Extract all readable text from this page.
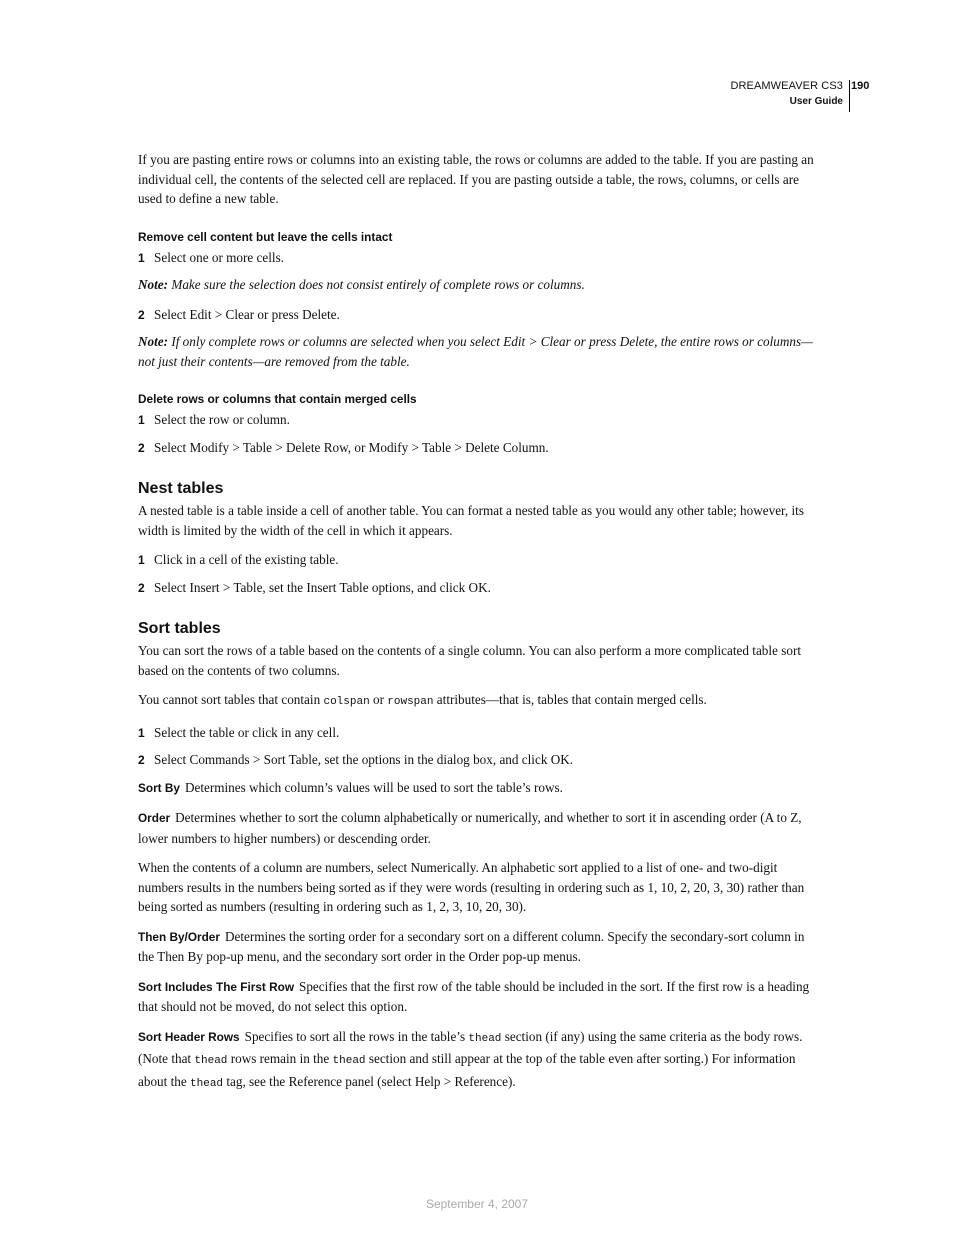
DREAMWEAVER CS3
User Guide
190

If you are pasting entire rows or columns into an existing table, the rows or columns are added to the table. If you are pasting an individual cell, the contents of the selected cell are replaced. If you are pasting outside a table, the rows, columns, or cells are used to define a new table.

Remove cell content but leave the cells intact

1 Select one or more cells.

Note: Make sure the selection does not consist entirely of complete rows or columns.

2 Select Edit > Clear or press Delete.

Note: If only complete rows or columns are selected when you select Edit > Clear or press Delete, the entire rows or columns—not just their contents—are removed from the table.

Delete rows or columns that contain merged cells

1 Select the row or column.

2 Select Modify > Table > Delete Row, or Modify > Table > Delete Column.

Nest tables

A nested table is a table inside a cell of another table. You can format a nested table as you would any other table; however, its width is limited by the width of the cell in which it appears.

1 Click in a cell of the existing table.

2 Select Insert > Table, set the Insert Table options, and click OK.

Sort tables

You can sort the rows of a table based on the contents of a single column. You can also perform a more complicated table sort based on the contents of two columns.

You cannot sort tables that contain colspan or rowspan attributes—that is, tables that contain merged cells.

1 Select the table or click in any cell.

2 Select Commands > Sort Table, set the options in the dialog box, and click OK.

Sort By Determines which column’s values will be used to sort the table’s rows.

Order Determines whether to sort the column alphabetically or numerically, and whether to sort it in ascending order (A to Z, lower numbers to higher numbers) or descending order.

When the contents of a column are numbers, select Numerically. An alphabetic sort applied to a list of one- and two-digit numbers results in the numbers being sorted as if they were words (resulting in ordering such as 1, 10, 2, 20, 3, 30) rather than being sorted as numbers (resulting in ordering such as 1, 2, 3, 10, 20, 30).

Then By/Order Determines the sorting order for a secondary sort on a different column. Specify the secondary-sort column in the Then By pop-up menu, and the secondary sort order in the Order pop-up menus.

Sort Includes The First Row Specifies that the first row of the table should be included in the sort. If the first row is a heading that should not be moved, do not select this option.

Sort Header Rows Specifies to sort all the rows in the table’s thead section (if any) using the same criteria as the body rows. (Note that thead rows remain in the thead section and still appear at the top of the table even after sorting.) For information about the thead tag, see the Reference panel (select Help > Reference).

September 4, 2007
